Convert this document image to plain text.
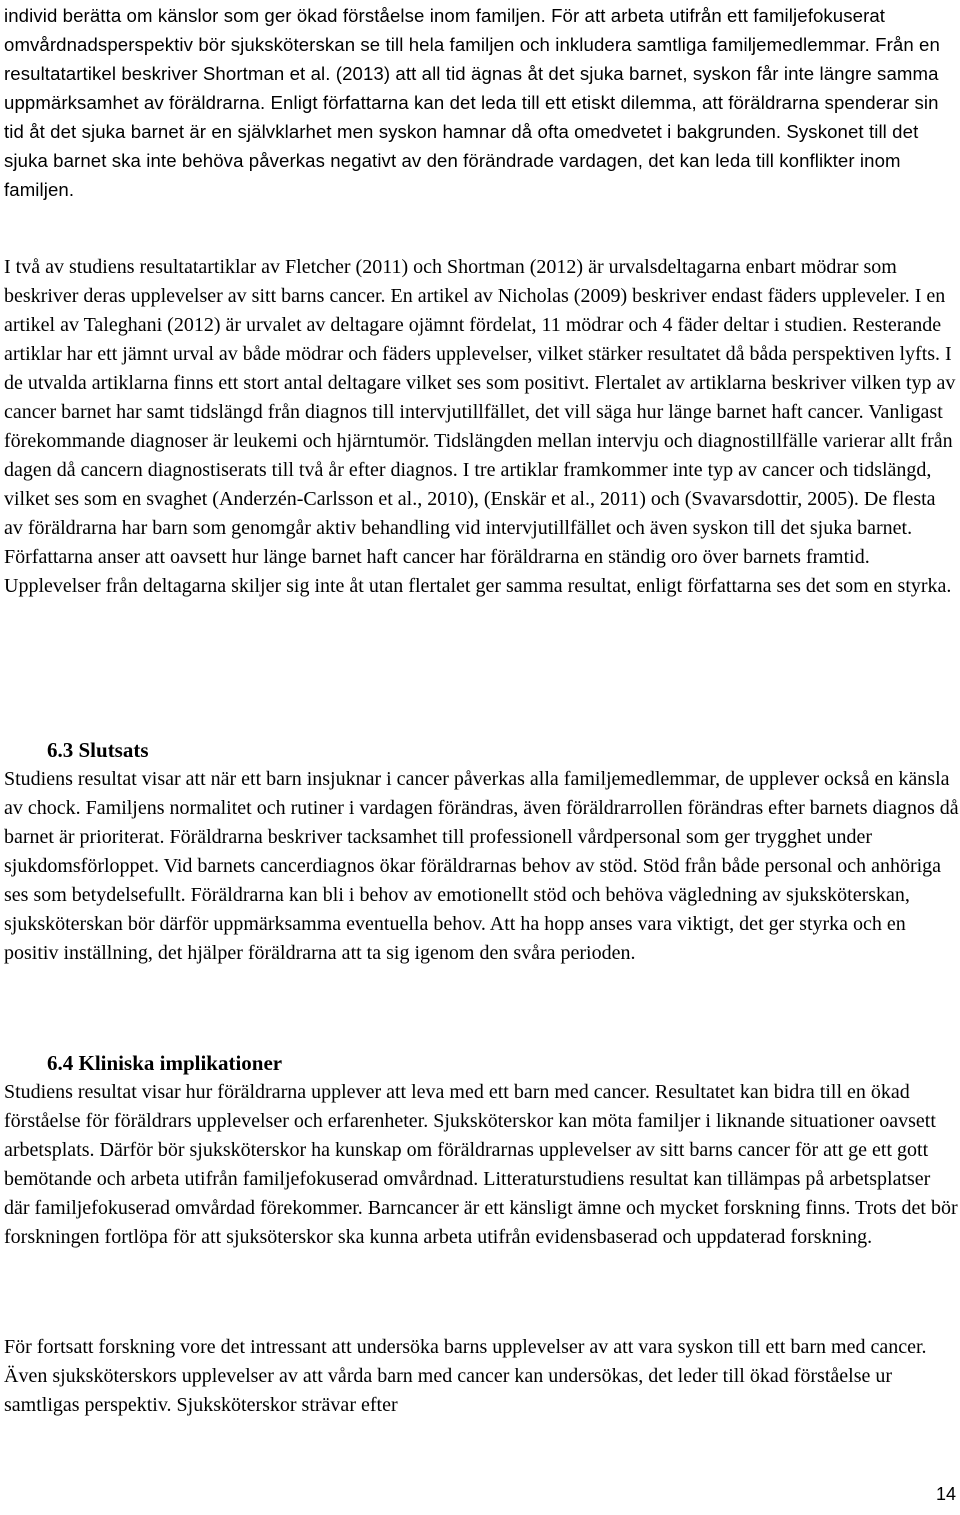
individ berätta om känslor som ger ökad förståelse inom familjen. För att arbeta utifrån ett familjefokuserat omvårdnadsperspektiv bör sjuksköterskan se till hela familjen och inkludera samtliga familjemedlemmar. Från en resultatartikel beskriver Shortman et al. (2013) att all tid ägnas åt det sjuka barnet, syskon får inte längre samma uppmärksamhet av föräldrarna. Enligt författarna kan det leda till ett etiskt dilemma, att föräldrarna spenderar sin tid åt det sjuka barnet är en självklarhet men syskon hamnar då ofta omedvetet i bakgrunden. Syskonet till det sjuka barnet ska inte behöva påverkas negativt av den förändrade vardagen, det kan leda till konflikter inom familjen.

I två av studiens resultatartiklar av Fletcher (2011) och Shortman (2012) är urvalsdeltagarna enbart mödrar som beskriver deras upplevelser av sitt barns cancer. En artikel av Nicholas (2009) beskriver endast fäders uppleveler. I en artikel av Taleghani (2012) är urvalet av deltagare ojämnt fördelat, 11 mödrar och 4 fäder deltar i studien. Resterande artiklar har ett jämnt urval av både mödrar och fäders upplevelser, vilket stärker resultatet då båda perspektiven lyfts. I de utvalda artiklarna finns ett stort antal deltagare vilket ses som positivt. Flertalet av artiklarna beskriver vilken typ av cancer barnet har samt tidslängd från diagnos till intervjutillfället, det vill säga hur länge barnet haft cancer. Vanligast förekommande diagnoser är leukemi och hjärntumör. Tidslängden mellan intervju och diagnostillfälle varierar allt från dagen då cancern diagnostiserats till två år efter diagnos. I tre artiklar framkommer inte typ av cancer och tidslängd, vilket ses som en svaghet (Anderzén-Carlsson et al., 2010), (Enskär et al., 2011) och (Svavarsdottir, 2005). De flesta av föräldrarna har barn som genomgår aktiv behandling vid intervjutillfället och även syskon till det sjuka barnet. Författarna anser att oavsett hur länge barnet haft cancer har föräldrarna en ständig oro över barnets framtid. Upplevelser från deltagarna skiljer sig inte åt utan flertalet ger samma resultat, enligt författarna ses det som en styrka.

6.3 Slutsats

Studiens resultat visar att när ett barn insjuknar i cancer påverkas alla familjemedlemmar, de upplever också en känsla av chock. Familjens normalitet och rutiner i vardagen förändras, även föräldrarrollen förändras efter barnets diagnos då barnet är prioriterat. Föräldrarna beskriver tacksamhet till professionell vårdpersonal som ger trygghet under sjukdomsförloppet. Vid barnets cancerdiagnos ökar föräldrarnas behov av stöd. Stöd från både personal och anhöriga ses som betydelsefullt. Föräldrarna kan bli i behov av emotionellt stöd och behöva vägledning av sjuksköterskan, sjuksköterskan bör därför uppmärksamma eventuella behov. Att ha hopp anses vara viktigt, det ger styrka och en positiv inställning, det hjälper föräldrarna att ta sig igenom den svåra perioden.

6.4 Kliniska implikationer

Studiens resultat visar hur föräldrarna upplever att leva med ett barn med cancer. Resultatet kan bidra till en ökad förståelse för föräldrars upplevelser och erfarenheter. Sjuksköterskor kan möta familjer i liknande situationer oavsett arbetsplats. Därför bör sjuksköterskor ha kunskap om föräldrarnas upplevelser av sitt barns cancer för att ge ett gott bemötande och arbeta utifrån familjefokuserad omvårdnad. Litteraturstudiens resultat kan tillämpas på arbetsplatser där familjefokuserad omvårdad förekommer. Barncancer är ett känsligt ämne och mycket forskning finns. Trots det bör forskningen fortlöpa för att sjuksöterskor ska kunna arbeta utifrån evidensbaserad och uppdaterad forskning.

För fortsatt forskning vore det intressant att undersöka barns upplevelser av att vara syskon till ett barn med cancer. Även sjuksköterskors upplevelser av att vårda barn med cancer kan undersökas, det leder till ökad förståelse ur samtligas perspektiv. Sjuksköterskor strävar efter

14
